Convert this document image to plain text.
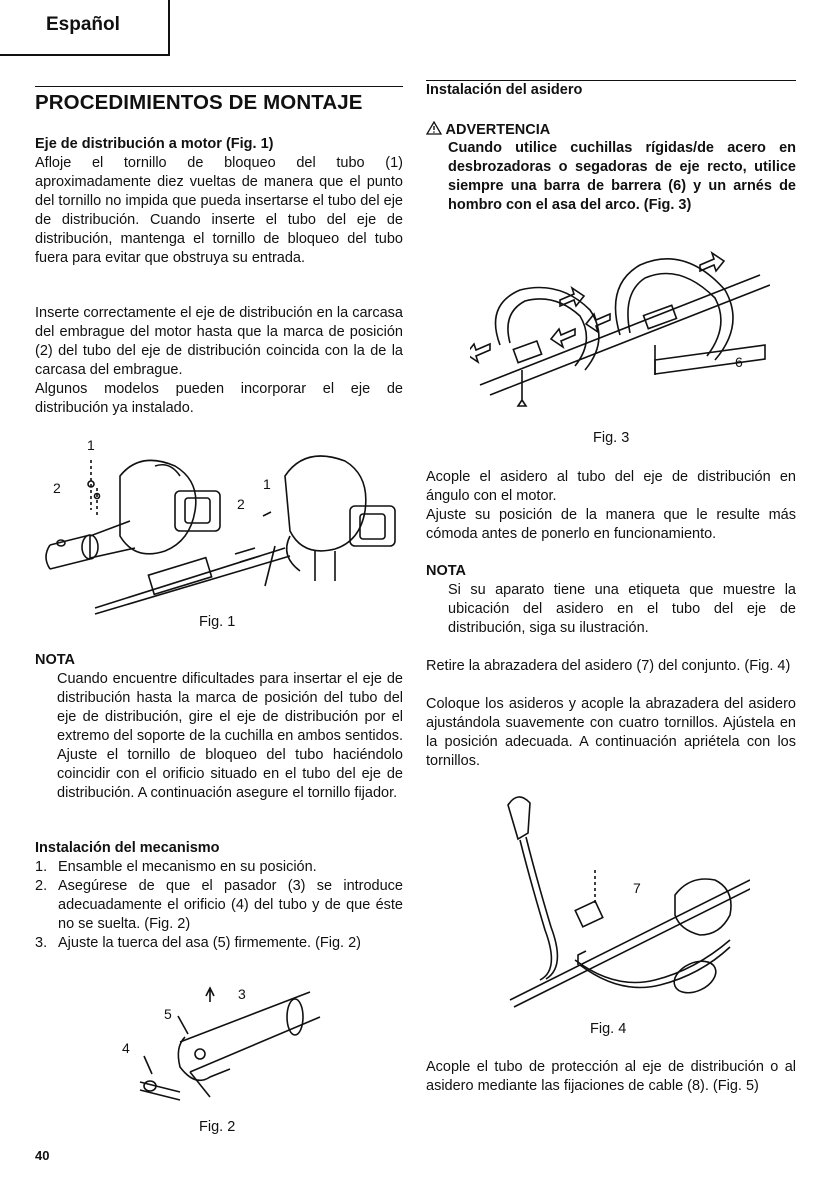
Español
PROCEDIMIENTOS DE MONTAJE
Eje de distribución a motor (Fig. 1)

Afloje el tornillo de bloqueo del tubo (1) aproximadamente diez vueltas de manera que el punto del tornillo no impida que pueda insertarse el tubo del eje de distribución. Cuando inserte el tubo del eje de distribución, mantenga el tornillo de bloqueo del tubo fuera para evitar que obstruya su entrada.

Inserte correctamente el eje de distribución en la carcasa del embrague del motor hasta que la marca de posición (2) del tubo del eje de distribución coincida con la de la carcasa del embrague.

Algunos modelos pueden incorporar el eje de distribución ya instalado.

1
2
2
1
Fig. 1
NOTA

Cuando encuentre dificultades para insertar el eje de distribución hasta la marca de posición del tubo del eje de distribución, gire el eje de distribución por el extremo del soporte de la cuchilla en ambos sentidos. Ajuste el tornillo de bloqueo del tubo haciéndolo coincidir con el orificio situado en el tubo del eje de distribución. A continuación asegure el tornillo fijador.

Instalación del mecanismo
1. Ensamble el mecanismo en su posición.
2. Asegúrese de que el pasador (3) se introduce adecuadamente el orificio (4) del tubo y de que éste no se suelta. (Fig. 2)
3. Ajuste la tuerca del asa (5) firmemente. (Fig. 2)
3
5
4
Fig. 2
Instalación del asidero
ADVERTENCIA

Cuando utilice cuchillas rígidas/de acero en desbrozadoras o segadoras de eje recto, utilice siempre una barra de barrera (6) y un arnés de hombro con el asa del arco. (Fig. 3)

6
Fig. 3

Acople el asidero al tubo del eje de distribución en ángulo con el motor.

Ajuste su posición de la manera que le resulte más cómoda antes de ponerlo en funcionamiento.

NOTA

Si su aparato tiene una etiqueta que muestre la ubicación del asidero en el tubo del eje de distribución, siga su ilustración.

Retire la abrazadera del asidero (7) del conjunto. (Fig. 4)

Coloque los asideros y acople la abrazadera del asidero ajustándola suavemente con cuatro tornillos. Ajústela en la posición adecuada. A continuación apriétela con los tornillos.

7
Fig. 4

Acople el tubo de protección al eje de distribución o al asidero mediante las fijaciones de cable (8). (Fig. 5)

40
